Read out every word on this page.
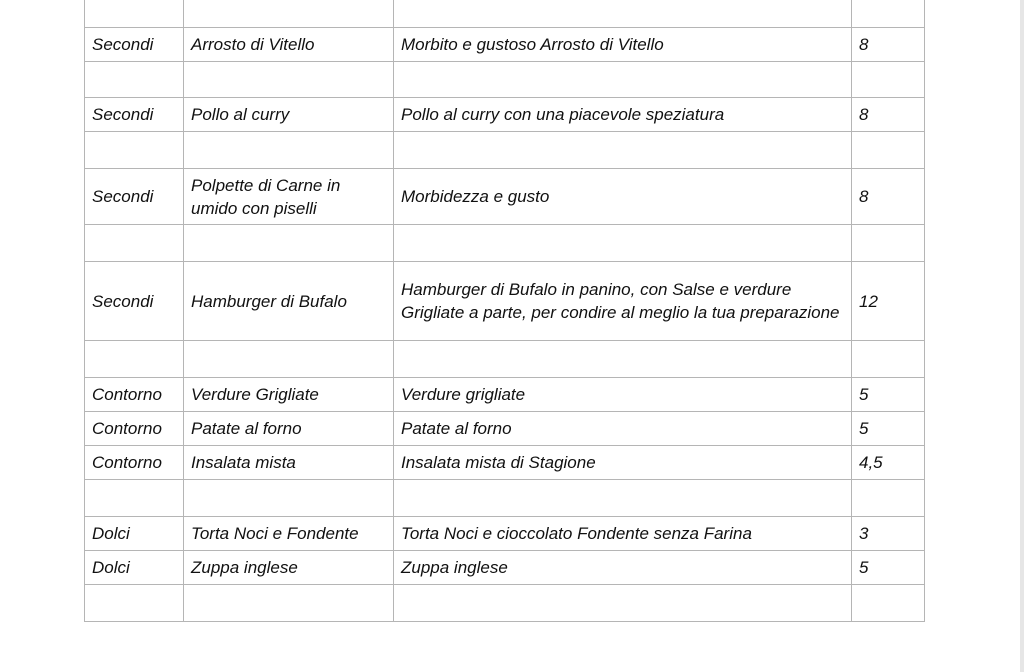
Secondi	Arrosto di Vitello	Morbito e gustoso Arrosto di Vitello	8

Secondi	Pollo al curry	Pollo al curry con una piacevole speziatura	8

Secondi	Polpette di Carne in umido con piselli	Morbidezza e gusto	8

Secondi	Hamburger di Bufalo	Hamburger di Bufalo in panino, con Salse e verdure Grigliate a parte, per condire al meglio la tua preparazione	12

Contorno	Verdure Grigliate	Verdure grigliate	5
Contorno	Patate al forno	Patate al forno	5
Contorno	Insalata mista	Insalata mista di Stagione	4,5

Dolci	Torta Noci e Fondente	Torta Noci e cioccolato Fondente senza Farina	3
Dolci	Zuppa inglese	Zuppa inglese	5
